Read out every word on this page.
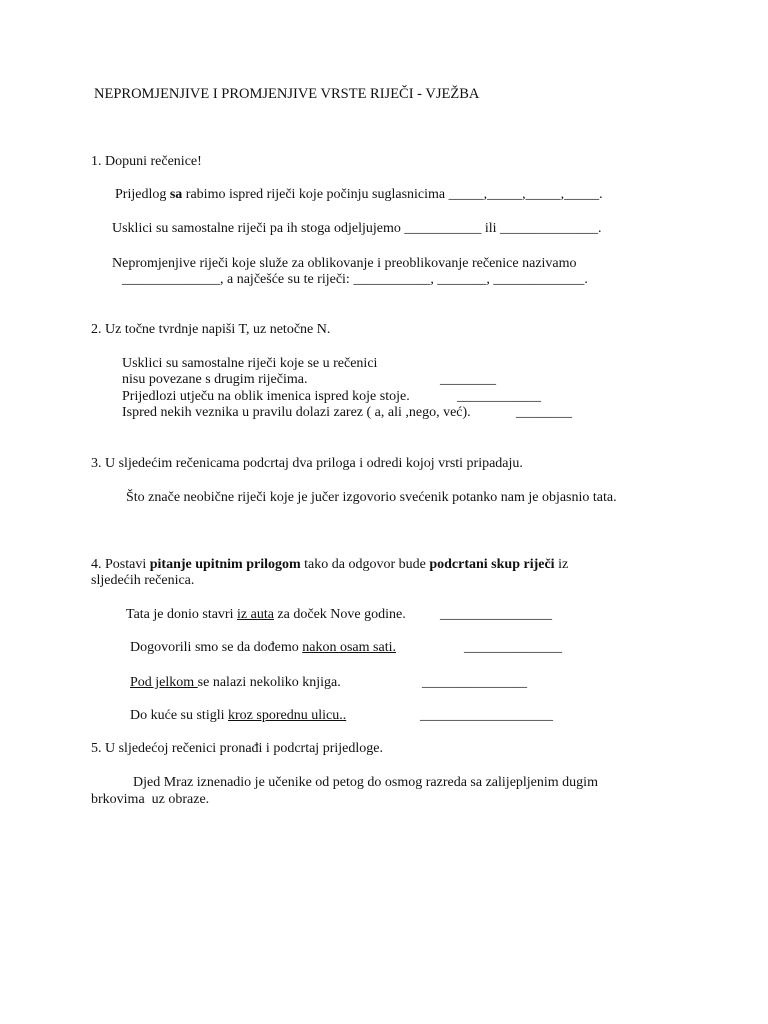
NEPROMJENJIVE I PROMJENJIVE VRSTE RIJEČI - VJEŽBA
1. Dopuni rečenice!
Prijedlog sa rabimo ispred riječi koje počinju suglasnicima _____,_____,_____,_____.
Usklici su samostalne riječi pa ih stoga odjeljujemo ___________ ili ______________.
Nepromjenjive riječi koje služe za oblikovanje i preoblikovanje rečenice nazivamo
______________, a najčešće su te riječi: ___________, _______, _____________.
2. Uz točne tvrdnje napiši T, uz netočne N.
Usklici su samostalne riječi koje se u rečenici
nisu povezane s drugim riječima.	________
Prijedlozi utječu na oblik imenica ispred koje stoje.	____________
Ispred nekih veznika u pravilu dolazi zarez ( a, ali ,nego, već).	________
3. U sljedećim rečenicama podcrtaj dva priloga i odredi kojoj vrsti pripadaju.
Što znače neobične riječi koje je jučer izgovorio svećenik potanko nam je objasnio tata.
4. Postavi pitanje upitnim prilogom tako da odgovor bude podcrtani skup riječi iz
sljedećih rečenica.
Tata je donio stavri iz auta za doček Nove godine. ________________
Dogovorili smo se da dođemo nakon osam sati.	______________
Pod jelkom se nalazi nekoliko knjiga.	_______________
Do kuće su stigli kroz sporednu ulicu..	___________________
5. U sljedećoj rečenici pronađi i podcrtaj prijedloge.
Djed Mraz iznenadio je učenike od petog do osmog razreda sa zalijepljenim dugim
brkovima  uz obraze.
